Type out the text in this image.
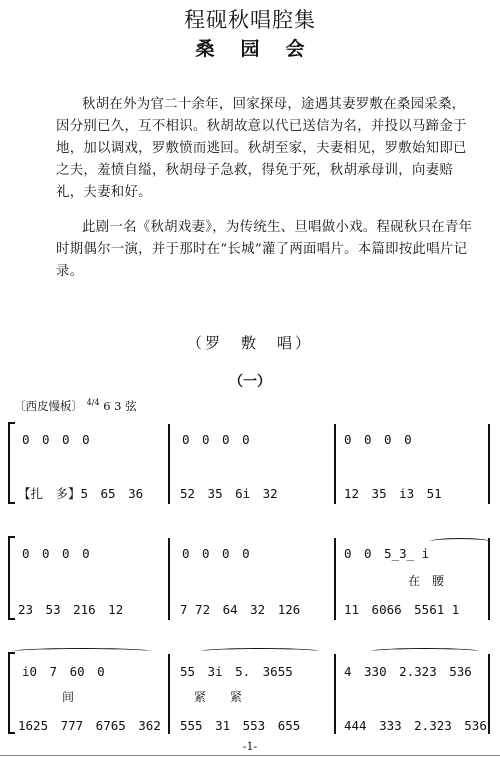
程砚秋唱腔集
桑园会

秋胡在外为官二十余年，回家探母，途遇其妻罗敷在桑园采桑，因分别已久，互不相识。秋胡故意以代已送信为名，并投以马蹄金于地，加以调戏，罗敷愤而逃回。秋胡至家，夫妻相见，罗敷始知即已之夫，羞愤自缢，秋胡母子急救，得免于死，秋胡承母训，向妻赔礼，夫妻和好。

此剧一名《秋胡戏妻》，为传统生、旦唱做小戏。程砚秋只在青年时期偶尔一演，并于那时在“长城”灌了两面唱片。本篇即按此唱片记录。

（罗　敷　唱）
（一）
〔西皮慢板〕 $^{4/4}$ 6 3 弦
0　0　0　0	0　0　0　0	0　0　0　0
【扎　多】5　65　36	52　35　6i　32	12　35　i3　51
0　0　0　0	0　0　0　0	0　0　5̲3̲ i
在　腰
23　53　216　12	7 72　64　32　126	11　6066　5561 1
i0　7　60　0	55　3i　5.　3655	4　330　2.323　536
间	紧　　紧
1625　777　6765　362 555　31　553　655	444　333　2.323　536
-1-
